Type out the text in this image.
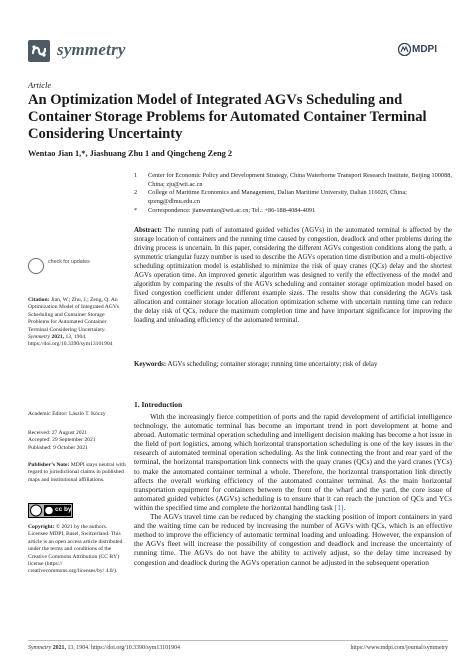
symmetry	MDPI
Article
An Optimization Model of Integrated AGVs Scheduling and Container Storage Problems for Automated Container Terminal Considering Uncertainty
Wentao Jian 1,*, Jiashuang Zhu 1 and Qingcheng Zeng 2
1 Center for Economic Policy and Development Strategy, China Waterborne Transport Research Institute, Beijing 100088, China; zju@wti.ac.cn
2 College of Maritime Economics and Management, Dalian Maritime University, Dalian 116026, China; qzeng@dlmu.edu.cn
* Correspondence: jianwentao@wti.ac.cn; Tel.: +86-188-4084-4091
Abstract: The running path of automated guided vehicles (AGVs) in the automated terminal is affected by the storage location of containers and the running time caused by congestion, deadlock and other problems during the driving process is uncertain. In this paper, considering the different AGVs congestion conditions along the path, a symmetric triangular fuzzy number is used to describe the AGVs operation time distribution and a multi-objective scheduling optimization model is established to minimize the risk of quay cranes (QCs) delay and the shortest AGVs operation time. An improved genetic algorithm was designed to verify the effectiveness of the model and algorithm by comparing the results of the AGVs scheduling and container storage optimization model based on fixed congestion coefficient under different example sizes. The results show that considering the AGVs task allocation and container storage location allocation optimization scheme with uncertain running time can reduce the delay risk of QCs, reduce the maximum completion time and have important significance for improving the loading and unloading efficiency of the automated terminal.
Keywords: AGVs scheduling; container storage; running time uncertainty; risk of delay
check for updates
Citation: Jian, W.; Zhu, J.; Zeng, Q. An Optimization Model of Integrated AGVs Scheduling and Container Storage Problems for Automated Container Terminal Considering Uncertainty. Symmetry 2021, 13, 1904. https://doi.org/10.3390/sym13101904
Academic Editor: László T. Kóczy
Received: 27 August 2021
Accepted: 29 September 2021
Published: 9 October 2021
Publisher’s Note: MDPI stays neutral with regard to jurisdictional claims in published maps and institutional affiliations.
cc by
Copyright: © 2021 by the authors. Licensee MDPI, Basel, Switzerland. This article is an open access article distributed under the terms and conditions of the Creative Commons Attribution (CC BY) license (https:// creativecommons.org/licenses/by/ 4.0/).
1. Introduction

With the increasingly fierce competition of ports and the rapid development of artificial intelligence technology, the automatic terminal has become an important trend in port development at home and abroad. Automatic terminal operation scheduling and intelligent decision making has become a hot issue in the field of port logistics, among which horizontal transportation scheduling is one of the key issues in the research of automated terminal operation scheduling. As the link connecting the front and rear yard of the terminal, the horizontal transportation link connects with the quay cranes (QCs) and the yard cranes (YCs) to make the automated container terminal a whole. Therefore, the horizontal transportation link directly affects the overall working efficiency of the automated container terminal. As the main horizontal transportation equipment for containers between the front of the wharf and the yard, the core issue of automated guided vehicles (AGVs) scheduling is to ensure that it can reach the junction of QCs and YCs within the specified time and complete the horizontal handling task [1].

The AGVs travel time can be reduced by changing the stacking position of import containers in yard and the waiting time can be reduced by increasing the number of AGVs with QCs, which is an effective method to improve the efficiency of automatic terminal loading and unloading. However, the expansion of the AGVs fleet will increase the possibility of congestion and deadlock and increase the uncertainty of running time. The AGVs do not have the ability to actively adjust, so the delay time increased by congestion and deadlock during the AGVs operation cannot be adjusted in the subsequent operation

Symmetry 2021, 13, 1904. https://doi.org/10.3390/sym13101904	https://www.mdpi.com/journal/symmetry
